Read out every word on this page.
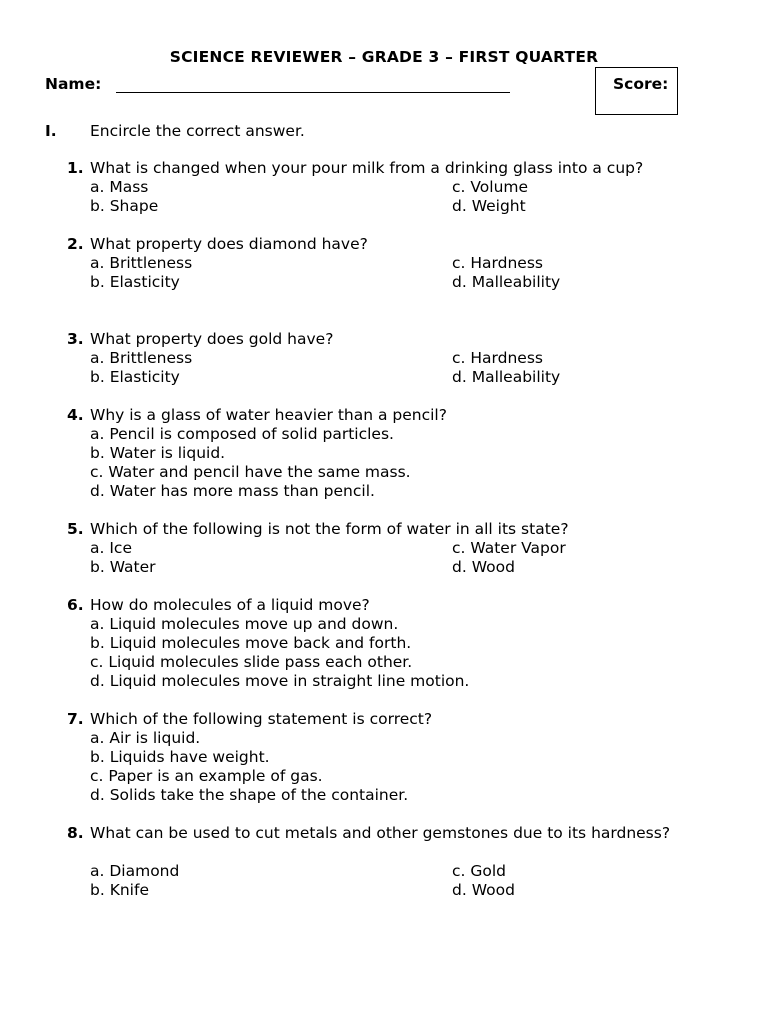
SCIENCE REVIEWER – GRADE 3 – FIRST QUARTER
Name:	Score:
I. Encircle the correct answer.
1. What is changed when your pour milk from a drinking glass into a cup?
a. Mass
b. Shape
c. Volume
d. Weight
2. What property does diamond have?
a. Brittleness
b. Elasticity
c. Hardness
d. Malleability
3. What property does gold have?
a. Brittleness
b. Elasticity
c. Hardness
d. Malleability
4. Why is a glass of water heavier than a pencil?
a. Pencil is composed of solid particles.
b. Water is liquid.
c. Water and pencil have the same mass.
d. Water has more mass than pencil.
5. Which of the following is not the form of water in all its state?
a. Ice
b. Water
c. Water Vapor
d. Wood
6. How do molecules of a liquid move?
a. Liquid molecules move up and down.
b. Liquid molecules move back and forth.
c. Liquid molecules slide pass each other.
d. Liquid molecules move in straight line motion.
7. Which of the following statement is correct?
a. Air is liquid.
b. Liquids have weight.
c. Paper is an example of gas.
d. Solids take the shape of the container.
8. What can be used to cut metals and other gemstones due to its hardness?
a. Diamond
b. Knife
c. Gold
d. Wood
